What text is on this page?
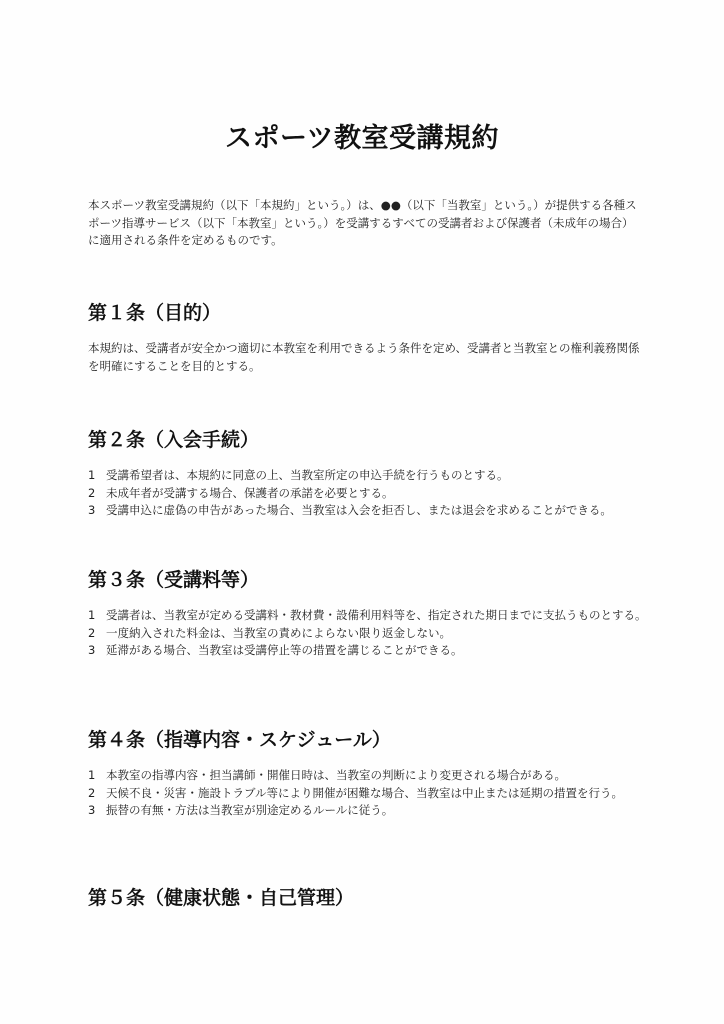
スポーツ教室受講規約

本スポーツ教室受講規約（以下「本規約」という。）は、●●（以下「当教室」という。）が提供する各種スポーツ指導サービス（以下「本教室」という。）を受講するすべての受講者および保護者（未成年の場合）に適用される条件を定めるものです。

第１条（目的）
本規約は、受講者が安全かつ適切に本教室を利用できるよう条件を定め、受講者と当教室との権利義務関係を明確にすることを目的とする。
第２条（入会手続）
1 受講希望者は、本規約に同意の上、当教室所定の申込手続を行うものとする。
2 未成年者が受講する場合、保護者の承諾を必要とする。
3 受講申込に虚偽の申告があった場合、当教室は入会を拒否し、または退会を求めることができる。
第３条（受講料等）
1 受講者は、当教室が定める受講料・教材費・設備利用料等を、指定された期日までに支払うものとする。
2 一度納入された料金は、当教室の責めによらない限り返金しない。
3 延滞がある場合、当教室は受講停止等の措置を講じることができる。
第４条（指導内容・スケジュール）
1 本教室の指導内容・担当講師・開催日時は、当教室の判断により変更される場合がある。
2 天候不良・災害・施設トラブル等により開催が困難な場合、当教室は中止または延期の措置を行う。
3 振替の有無・方法は当教室が別途定めるルールに従う。
第５条（健康状態・自己管理）
